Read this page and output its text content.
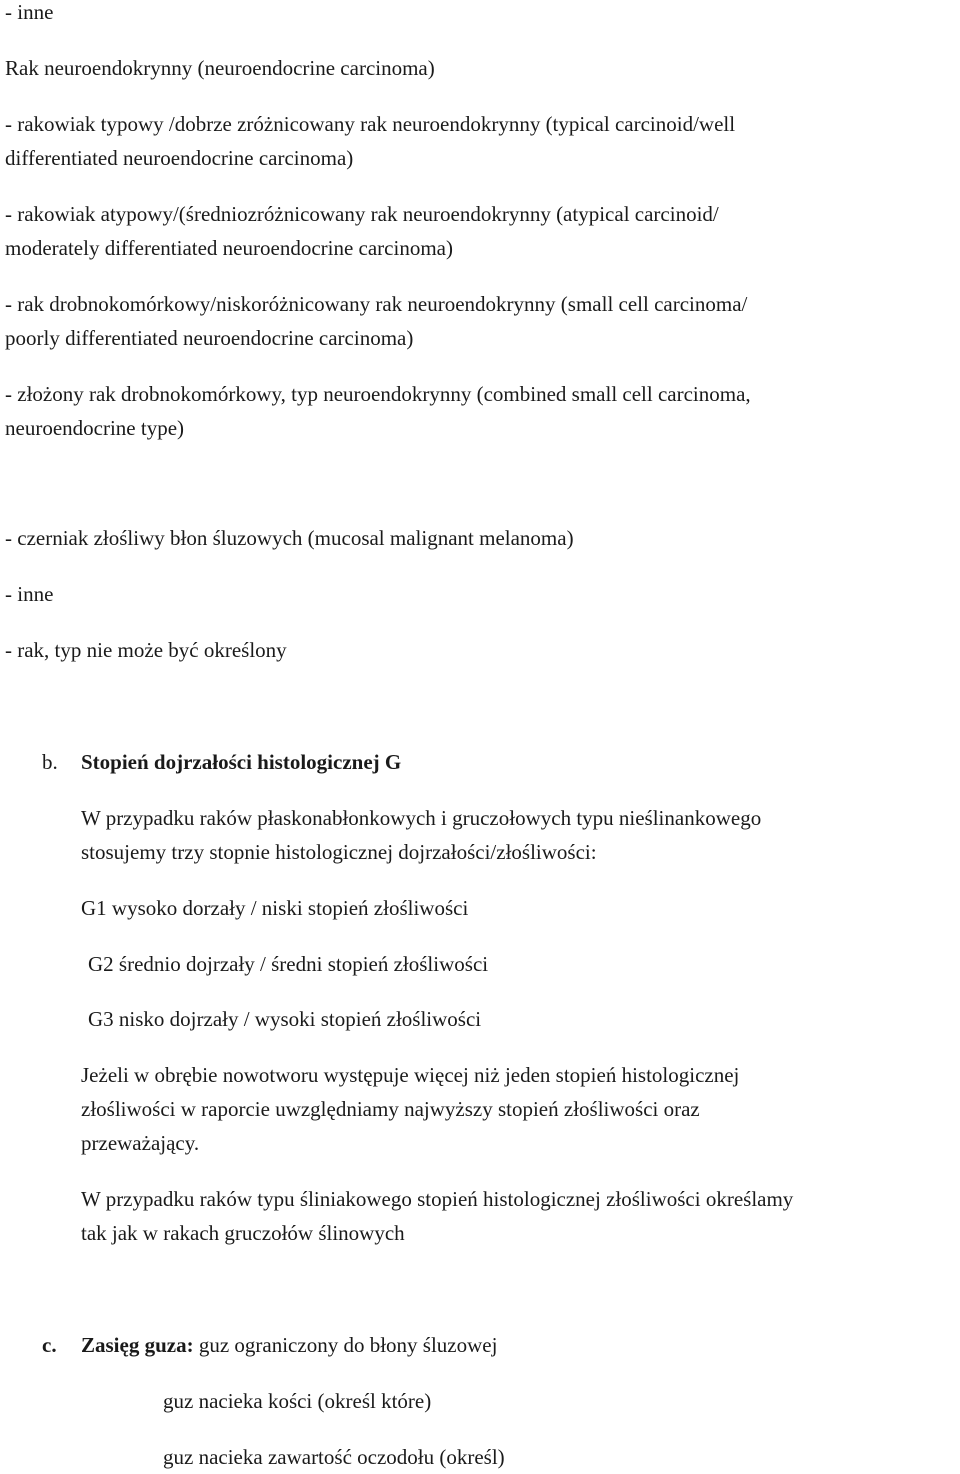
- inne

Rak neuroendokrynny (neuroendocrine carcinoma)

- rakowiak typowy /dobrze zróżnicowany rak neuroendokrynny (typical carcinoid/well

differentiated neuroendocrine carcinoma)

- rakowiak atypowy/(średniozróżnicowany rak neuroendokrynny (atypical carcinoid/

moderately differentiated neuroendocrine carcinoma)

- rak drobnokomórkowy/niskoróżnicowany rak neuroendokrynny (small cell carcinoma/

poorly differentiated neuroendocrine carcinoma)

- złożony rak drobnokomórkowy, typ neuroendokrynny (combined small cell carcinoma,

neuroendocrine type)

- czerniak złośliwy błon śluzowych (mucosal malignant melanoma)

- inne

- rak, typ nie może być określony

b. Stopień dojrzałości histologicznej G

W przypadku raków płaskonabłonkowych i gruczołowych typu nieślinankowego

stosujemy trzy stopnie histologicznej dojrzałości/złośliwości:

G1 wysoko dorzały / niski stopień złośliwości

G2 średnio dojrzały / średni stopień złośliwości

G3 nisko dojrzały / wysoki stopień złośliwości

Jeżeli w obrębie nowotworu występuje więcej niż jeden stopień histologicznej

złośliwości w raporcie uwzględniamy najwyższy stopień złośliwości oraz

przeważający.

W przypadku raków typu śliniakowego stopień histologicznej złośliwości określamy

tak jak w rakach gruczołów ślinowych

c. Zasięg guza: guz ograniczony do błony śluzowej

guz nacieka kości (określ które)

guz nacieka zawartość oczodołu (określ)
